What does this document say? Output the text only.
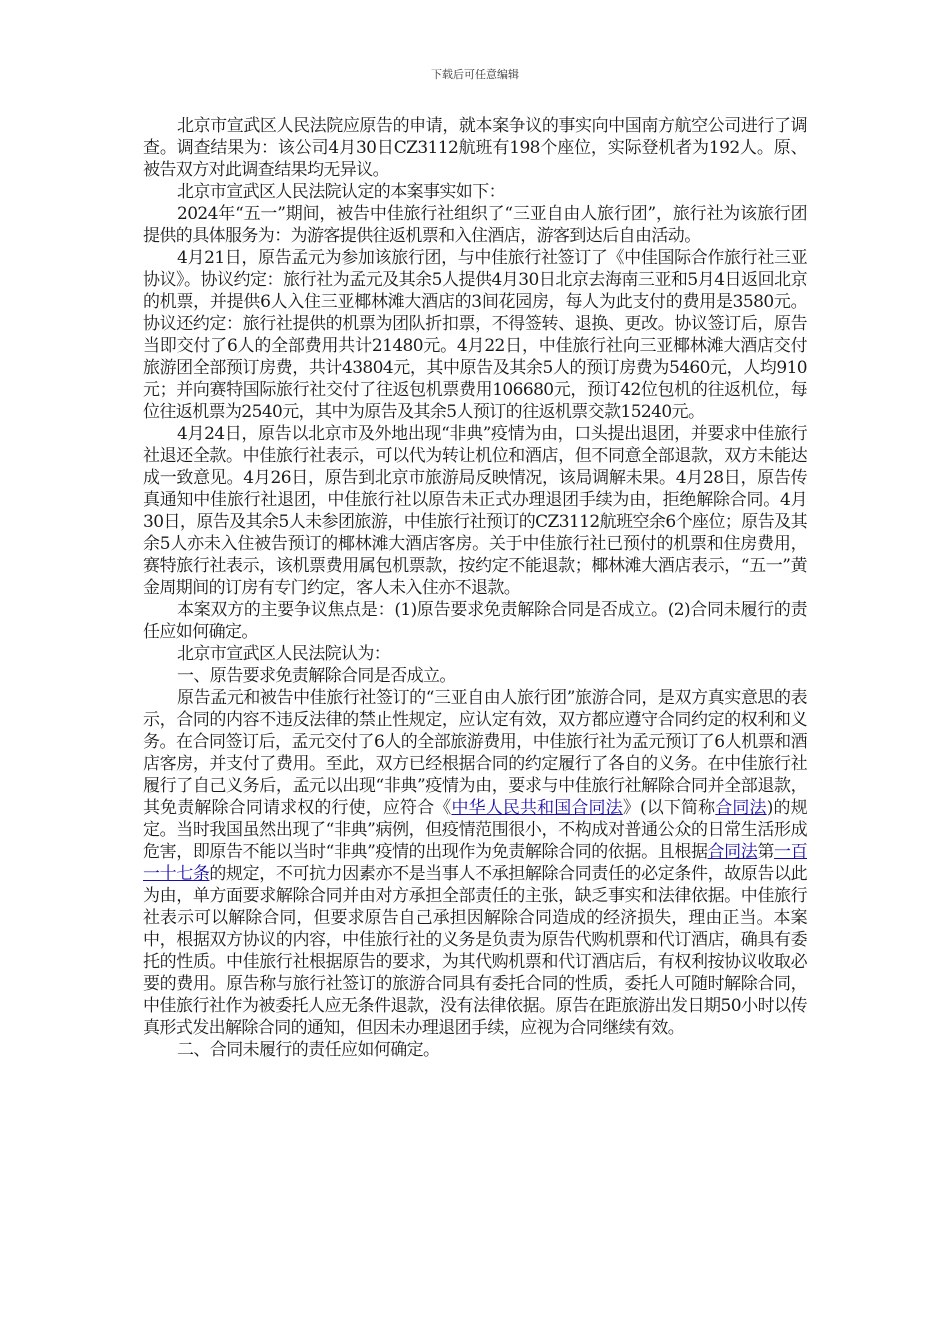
下载后可任意编辑

北京市宣武区人民法院应原告的申请，就本案争议的事实向中国南方航空公司进行了调查。调查结果为：该公司4月30日CZ3112航班有198个座位，实际登机者为192人。原、被告双方对此调查结果均无异议。

北京市宣武区人民法院认定的本案事实如下：

2024年“五一”期间，被告中佳旅行社组织了“三亚自由人旅行团”，旅行社为该旅行团提供的具体服务为：为游客提供往返机票和入住酒店，游客到达后自由活动。

4月21日，原告孟元为参加该旅行团，与中佳旅行社签订了《中佳国际合作旅行社三亚协议》。协议约定：旅行社为孟元及其余5人提供4月30日北京去海南三亚和5月4日返回北京的机票，并提供6人入住三亚椰林滩大酒店的3间花园房，每人为此支付的费用是3580元。协议还约定：旅行社提供的机票为团队折扣票，不得签转、退换、更改。协议签订后，原告当即交付了6人的全部费用共计21480元。4月22日，中佳旅行社向三亚椰林滩大酒店交付旅游团全部预订房费，共计43804元，其中原告及其余5人的预订房费为5460元，人均910元；并向赛特国际旅行社交付了往返包机票费用106680元，预订42位包机的往返机位，每位往返机票为2540元，其中为原告及其余5人预订的往返机票交款15240元。

4月24日，原告以北京市及外地出现“非典”疫情为由，口头提出退团，并要求中佳旅行社退还全款。中佳旅行社表示，可以代为转让机位和酒店，但不同意全部退款，双方未能达成一致意见。4月26日，原告到北京市旅游局反映情况，该局调解未果。4月28日，原告传真通知中佳旅行社退团，中佳旅行社以原告未正式办理退团手续为由，拒绝解除合同。4月30日，原告及其余5人未参团旅游，中佳旅行社预订的CZ3112航班空余6个座位；原告及其余5人亦未入住被告预订的椰林滩大酒店客房。关于中佳旅行社已预付的机票和住房费用，赛特旅行社表示，该机票费用属包机票款，按约定不能退款；椰林滩大酒店表示，“五一”黄金周期间的订房有专门约定，客人未入住亦不退款。

本案双方的主要争议焦点是：(1)原告要求免责解除合同是否成立。(2)合同未履行的责任应如何确定。

北京市宣武区人民法院认为：

一、原告要求免责解除合同是否成立。

原告孟元和被告中佳旅行社签订的“三亚自由人旅行团”旅游合同，是双方真实意思的表示，合同的内容不违反法律的禁止性规定，应认定有效，双方都应遵守合同约定的权利和义务。在合同签订后，孟元交付了6人的全部旅游费用，中佳旅行社为孟元预订了6人机票和酒店客房，并支付了费用。至此，双方已经根据合同的约定履行了各自的义务。在中佳旅行社履行了自己义务后，孟元以出现“非典”疫情为由，要求与中佳旅行社解除合同并全部退款，其免责解除合同请求权的行使，应符合《中华人民共和国合同法》(以下简称合同法)的规定。当时我国虽然出现了“非典”病例，但疫情范围很小，不构成对普通公众的日常生活形成危害，即原告不能以当时“非典”疫情的出现作为免责解除合同的依据。且根据合同法第一百一十七条的规定，不可抗力因素亦不是当事人不承担解除合同责任的必定条件，故原告以此为由，单方面要求解除合同并由对方承担全部责任的主张，缺乏事实和法律依据。中佳旅行社表示可以解除合同，但要求原告自己承担因解除合同造成的经济损失，理由正当。本案中，根据双方协议的内容，中佳旅行社的义务是负责为原告代购机票和代订酒店，确具有委托的性质。中佳旅行社根据原告的要求，为其代购机票和代订酒店后，有权利按协议收取必要的费用。原告称与旅行社签订的旅游合同具有委托合同的性质，委托人可随时解除合同，中佳旅行社作为被委托人应无条件退款，没有法律依据。原告在距旅游出发日期50小时以传真形式发出解除合同的通知，但因未办理退团手续，应视为合同继续有效。

二、合同未履行的责任应如何确定。
